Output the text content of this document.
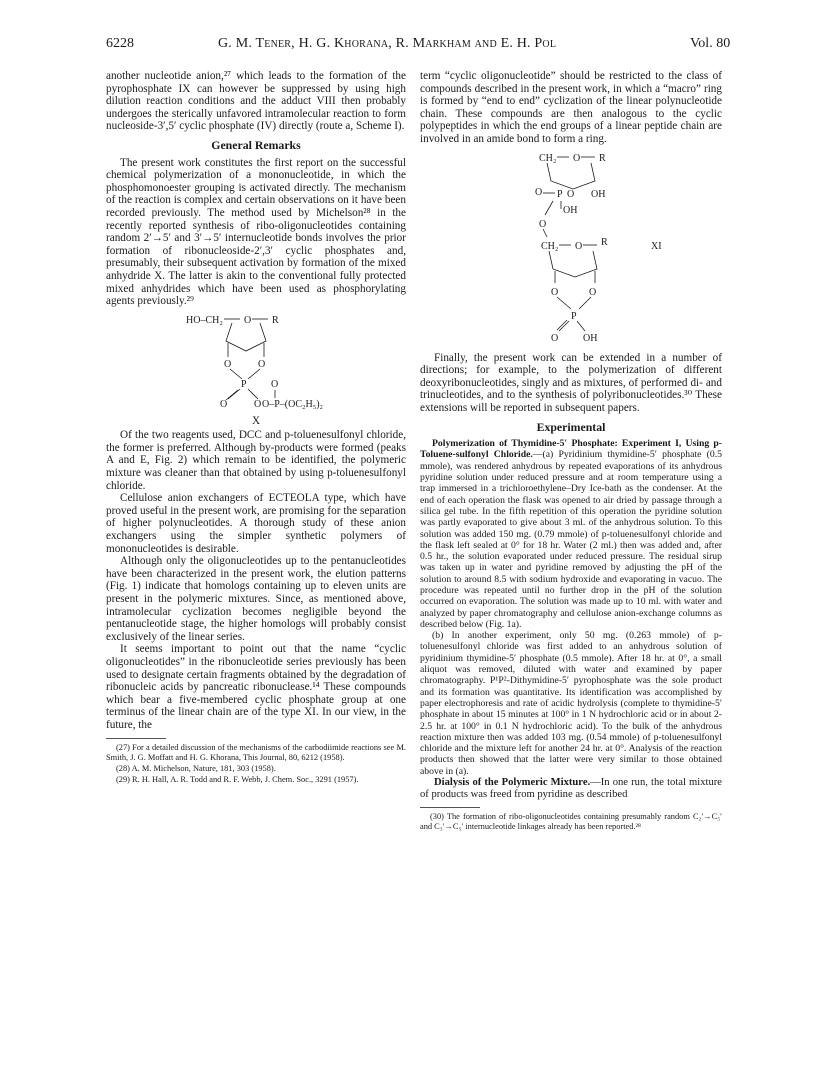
6228	G. M. Tener, H. G. Khorana, R. Markham and E. H. Pol	Vol. 80

another nucleotide anion,²⁷ which leads to the formation of the pyrophosphate IX can however be suppressed by using high dilution reaction conditions and the adduct VIII then probably undergoes the sterically unfavored intramolecular reaction to form nucleoside-3′,5′ cyclic phosphate (IV) directly (route a, Scheme I).

General Remarks

The present work constitutes the first report on the successful chemical polymerization of a mononucleotide, in which the phosphomonoester grouping is activated directly. The mechanism of the reaction is complex and certain observations on it have been recorded previously. The method used by Michelson²⁸ in the recently reported synthesis of ribo-oligonucleotides containing random 2′→5′ and 3′→5′ internucleotide bonds involves the prior formation of ribonucleoside-2′,3′ cyclic phosphates and, presumably, their subsequent activation by formation of the mixed anhydride X. The latter is akin to the conventional fully protected mixed anhydrides which have been used as phosphorylating agents previously.²⁹

HO–CH₂ O R
O	O
P
O	O
O
O–P–(OC₂H₅)₂
X

Of the two reagents used, DCC and p-toluenesulfonyl chloride, the former is preferred. Although by-products were formed (peaks A and E, Fig. 2) which remain to be identified, the polymeric mixture was cleaner than that obtained by using p-toluenesulfonyl chloride.

Cellulose anion exchangers of ECTEOLA type, which have proved useful in the present work, are promising for the separation of higher polynucleotides. A thorough study of these anion exchangers using the simpler synthetic polymers of mononucleotides is desirable.

Although only the oligonucleotides up to the pentanucleotides have been characterized in the present work, the elution patterns (Fig. 1) indicate that homologs containing up to eleven units are present in the polymeric mixtures. Since, as mentioned above, intramolecular cyclization becomes negligible beyond the pentanucleotide stage, the higher homologs will probably consist exclusively of the linear series.

It seems important to point out that the name “cyclic oligonucleotides” in the ribonucleotide series previously has been used to designate certain fragments obtained by the degradation of ribonucleic acids by pancreatic ribonuclease.¹⁴ These compounds which bear a five-membered cyclic phosphate group at one terminus of the linear chain are of the type XI. In our view, in the future, the

(27) For a detailed discussion of the mechanisms of the carbodiimide reactions see M. Smith, J. G. Moffatt and H. G. Khorana, This Journal, 80, 6212 (1958).

(28) A. M. Michelson, Nature, 181, 303 (1958).

(29) R. H. Hall, A. R. Todd and R. F. Webb, J. Chem. Soc., 3291 (1957).

term “cyclic oligonucleotide” should be restricted to the class of compounds described in the present work, in which a “macro” ring is formed by “end to end” cyclization of the linear polynucleotide chain. These compounds are then analogous to the cyclic polypeptides in which the end groups of a linear peptide chain are involved in an amide bond to form a ring.

CH₂ O R
O P O OH
OH
O
CH₂ O R
O	O
P
O OH
XI

Finally, the present work can be extended in a number of directions; for example, to the polymerization of different deoxyribonucleotides, singly and as mixtures, of performed di- and trinucleotides, and to the synthesis of polyribonucleotides.³⁰ These extensions will be reported in subsequent papers.

Experimental

Polymerization of Thymidine-5′ Phosphate: Experiment I, Using p-Toluene-sulfonyl Chloride.—(a) Pyridinium thymidine-5′ phosphate (0.5 mmole), was rendered anhydrous by repeated evaporations of its anhydrous pyridine solution under reduced pressure and at room temperature using a trap immersed in a trichloroethylene–Dry Ice-bath as the condenser. At the end of each operation the flask was opened to air dried by passage through a silica gel tube. In the fifth repetition of this operation the pyridine solution was partly evaporated to give about 3 ml. of the anhydrous solution. To this solution was added 150 mg. (0.79 mmole) of p-toluenesulfonyl chloride and the flask left sealed at 0° for 18 hr. Water (2 ml.) then was added and, after 0.5 hr., the solution evaporated under reduced pressure. The residual sirup was taken up in water and pyridine removed by adjusting the pH of the solution to around 8.5 with sodium hydroxide and evaporating in vacuo. The procedure was repeated until no further drop in the pH of the solution occurred on evaporation. The solution was made up to 10 ml. with water and analyzed by paper chromatography and cellulose anion-exchange columns as described below (Fig. 1a).

(b) In another experiment, only 50 mg. (0.263 mmole) of p-toluenesulfonyl chloride was first added to an anhydrous solution of pyridinium thymidine-5′ phosphate (0.5 mmole). After 18 hr. at 0°, a small aliquot was removed, diluted with water and examined by paper chromatography. P¹P²-Dithymidine-5′ pyrophosphate was the sole product and its formation was quantitative. Its identification was accomplished by paper electrophoresis and rate of acidic hydrolysis (complete to thymidine-5′ phosphate in about 15 minutes at 100° in 1 N hydrochloric acid or in about 2-2.5 hr. at 100° in 0.1 N hydrochloric acid). To the bulk of the anhydrous reaction mixture then was added 103 mg. (0.54 mmole) of p-toluenesulfonyl chloride and the mixture left for another 24 hr. at 0°. Analysis of the reaction products then showed that the latter were very similar to those obtained above in (a).

Dialysis of the Polymeric Mixture.—In one run, the total mixture of products was freed from pyridine as described

(30) The formation of ribo-oligonucleotides containing presumably random C₂′→C₅′ and C₃′→C₅′ internucleotide linkages already has been reported.²⁸
